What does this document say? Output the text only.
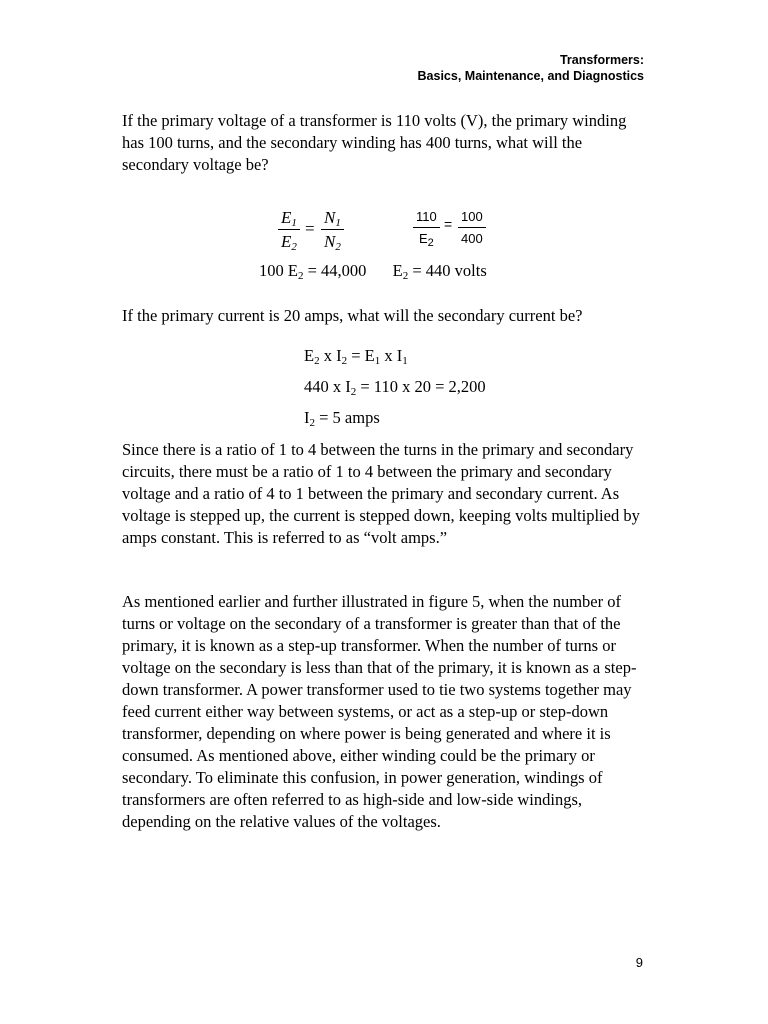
Transformers:
Basics, Maintenance, and Diagnostics

If the primary voltage of a transformer is 110 volts (V), the primary winding has 100 turns, and the secondary winding has 400 turns, what will the secondary voltage be?

$\frac{E_1}{E_2} = \frac{N_1}{N_2}$	$\frac{110}{E_2} = \frac{100}{400}$
100 $E_2 = 44,000$ $E_2 = 440$ volts

If the primary current is 20 amps, what will the secondary current be?

$E_2$ x $I_2 = E_1$ x $I_1$
440 x $I_2 = 110$ x 20 = 2,200
$I_2 = 5$ amps

Since there is a ratio of 1 to 4 between the turns in the primary and secondary circuits, there must be a ratio of 1 to 4 between the primary and secondary voltage and a ratio of 4 to 1 between the primary and secondary current. As voltage is stepped up, the current is stepped down, keeping volts multiplied by amps constant. This is referred to as “volt amps.”

As mentioned earlier and further illustrated in figure 5, when the number of turns or voltage on the secondary of a transformer is greater than that of the primary, it is known as a step-up transformer. When the number of turns or voltage on the secondary is less than that of the primary, it is known as a step-down transformer. A power transformer used to tie two systems together may feed current either way between systems, or act as a step-up or step-down transformer, depending on where power is being generated and where it is consumed. As mentioned above, either winding could be the primary or secondary. To eliminate this confusion, in power generation, windings of transformers are often referred to as high-side and low-side windings, depending on the relative values of the voltages.

9
